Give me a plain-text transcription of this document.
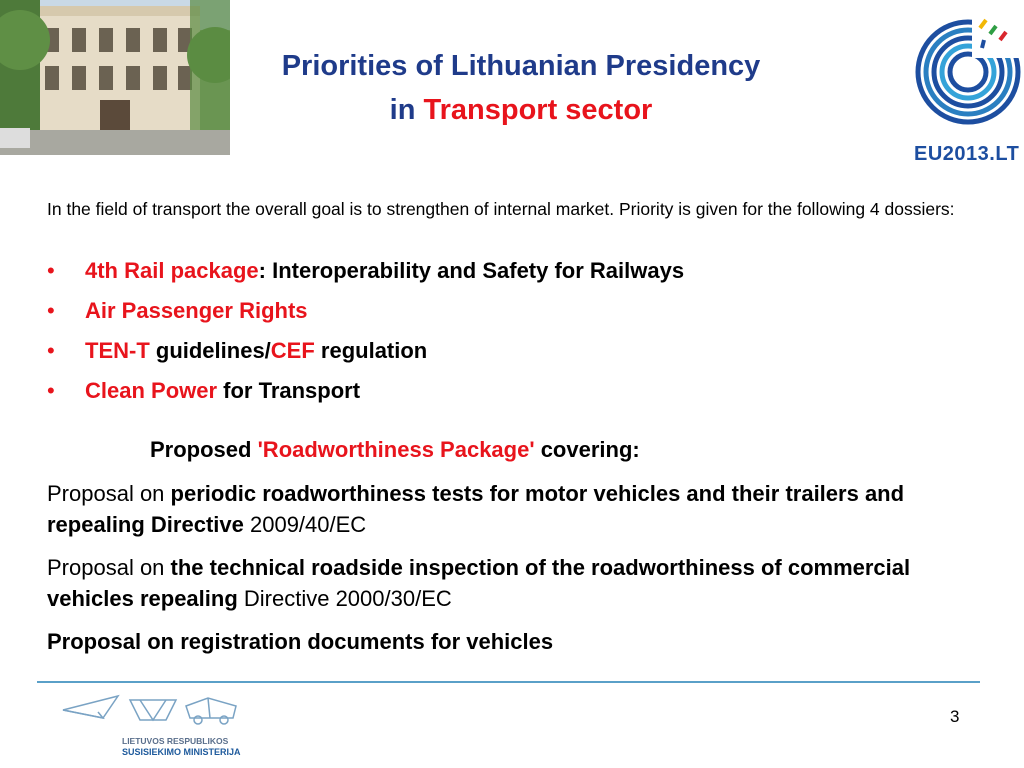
Priorities of Lithuanian Presidency
in Transport sector
EU2013.LT
In the field of transport the overall goal is to strengthen of internal market. Priority is given for the following 4 dossiers:
• 4th Rail package: Interoperability and Safety for Railways
• Air Passenger Rights
• TEN-T guidelines/CEF regulation
• Clean Power for Transport
Proposed 'Roadworthiness Package' covering:
Proposal on periodic roadworthiness tests for motor vehicles and their trailers and repealing Directive 2009/40/EC
Proposal on the technical roadside inspection of the roadworthiness of commercial vehicles repealing Directive 2000/30/EC
Proposal on registration documents for vehicles
LIETUVOS RESPUBLIKOS
SUSISIEKIMO MINISTERIJA
3
